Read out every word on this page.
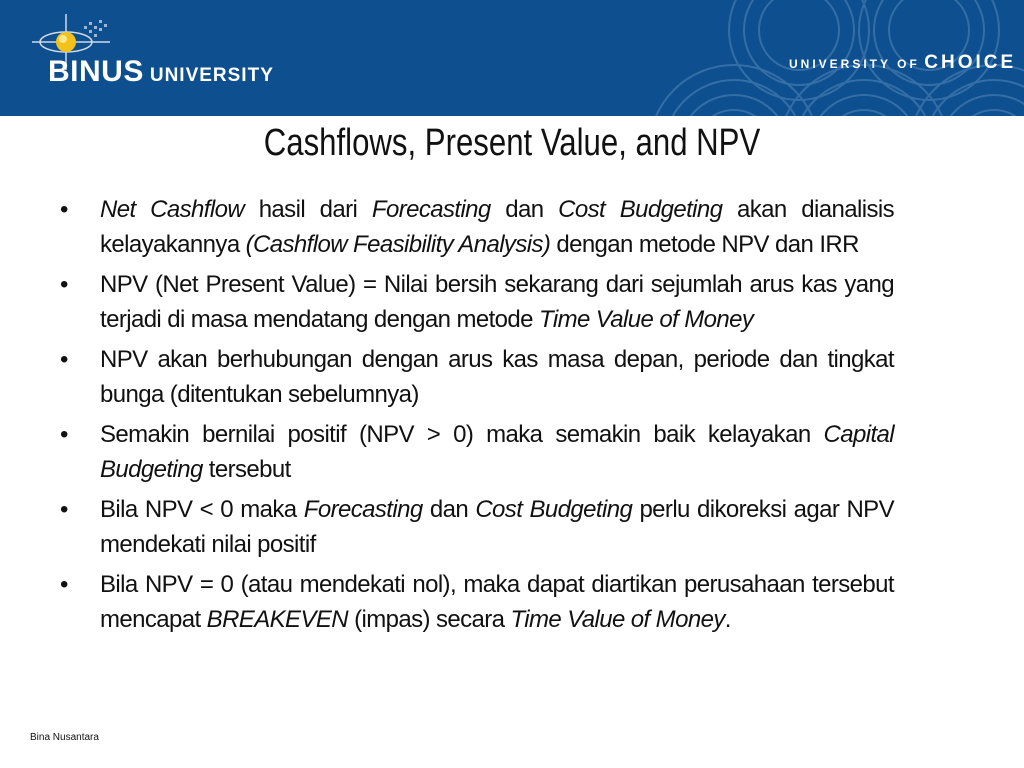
BINUS UNIVERSITY
UNIVERSITY OF CHOICE
Cashflows, Present Value, and NPV
• Net Cashflow hasil dari Forecasting dan Cost Budgeting akan dianalisis kelayakannya (Cashflow Feasibility Analysis) dengan metode NPV dan IRR
• NPV (Net Present Value) = Nilai bersih sekarang dari sejumlah arus kas yang terjadi di masa mendatang dengan metode Time Value of Money
• NPV akan berhubungan dengan arus kas masa depan, periode dan tingkat bunga (ditentukan sebelumnya)
• Semakin bernilai positif (NPV > 0) maka semakin baik kelayakan Capital Budgeting tersebut
• Bila NPV < 0 maka Forecasting dan Cost Budgeting perlu dikoreksi agar NPV mendekati nilai positif
• Bila NPV = 0 (atau mendekati nol), maka dapat diartikan perusahaan tersebut mencapat BREAKEVEN (impas) secara Time Value of Money.
Bina Nusantara
